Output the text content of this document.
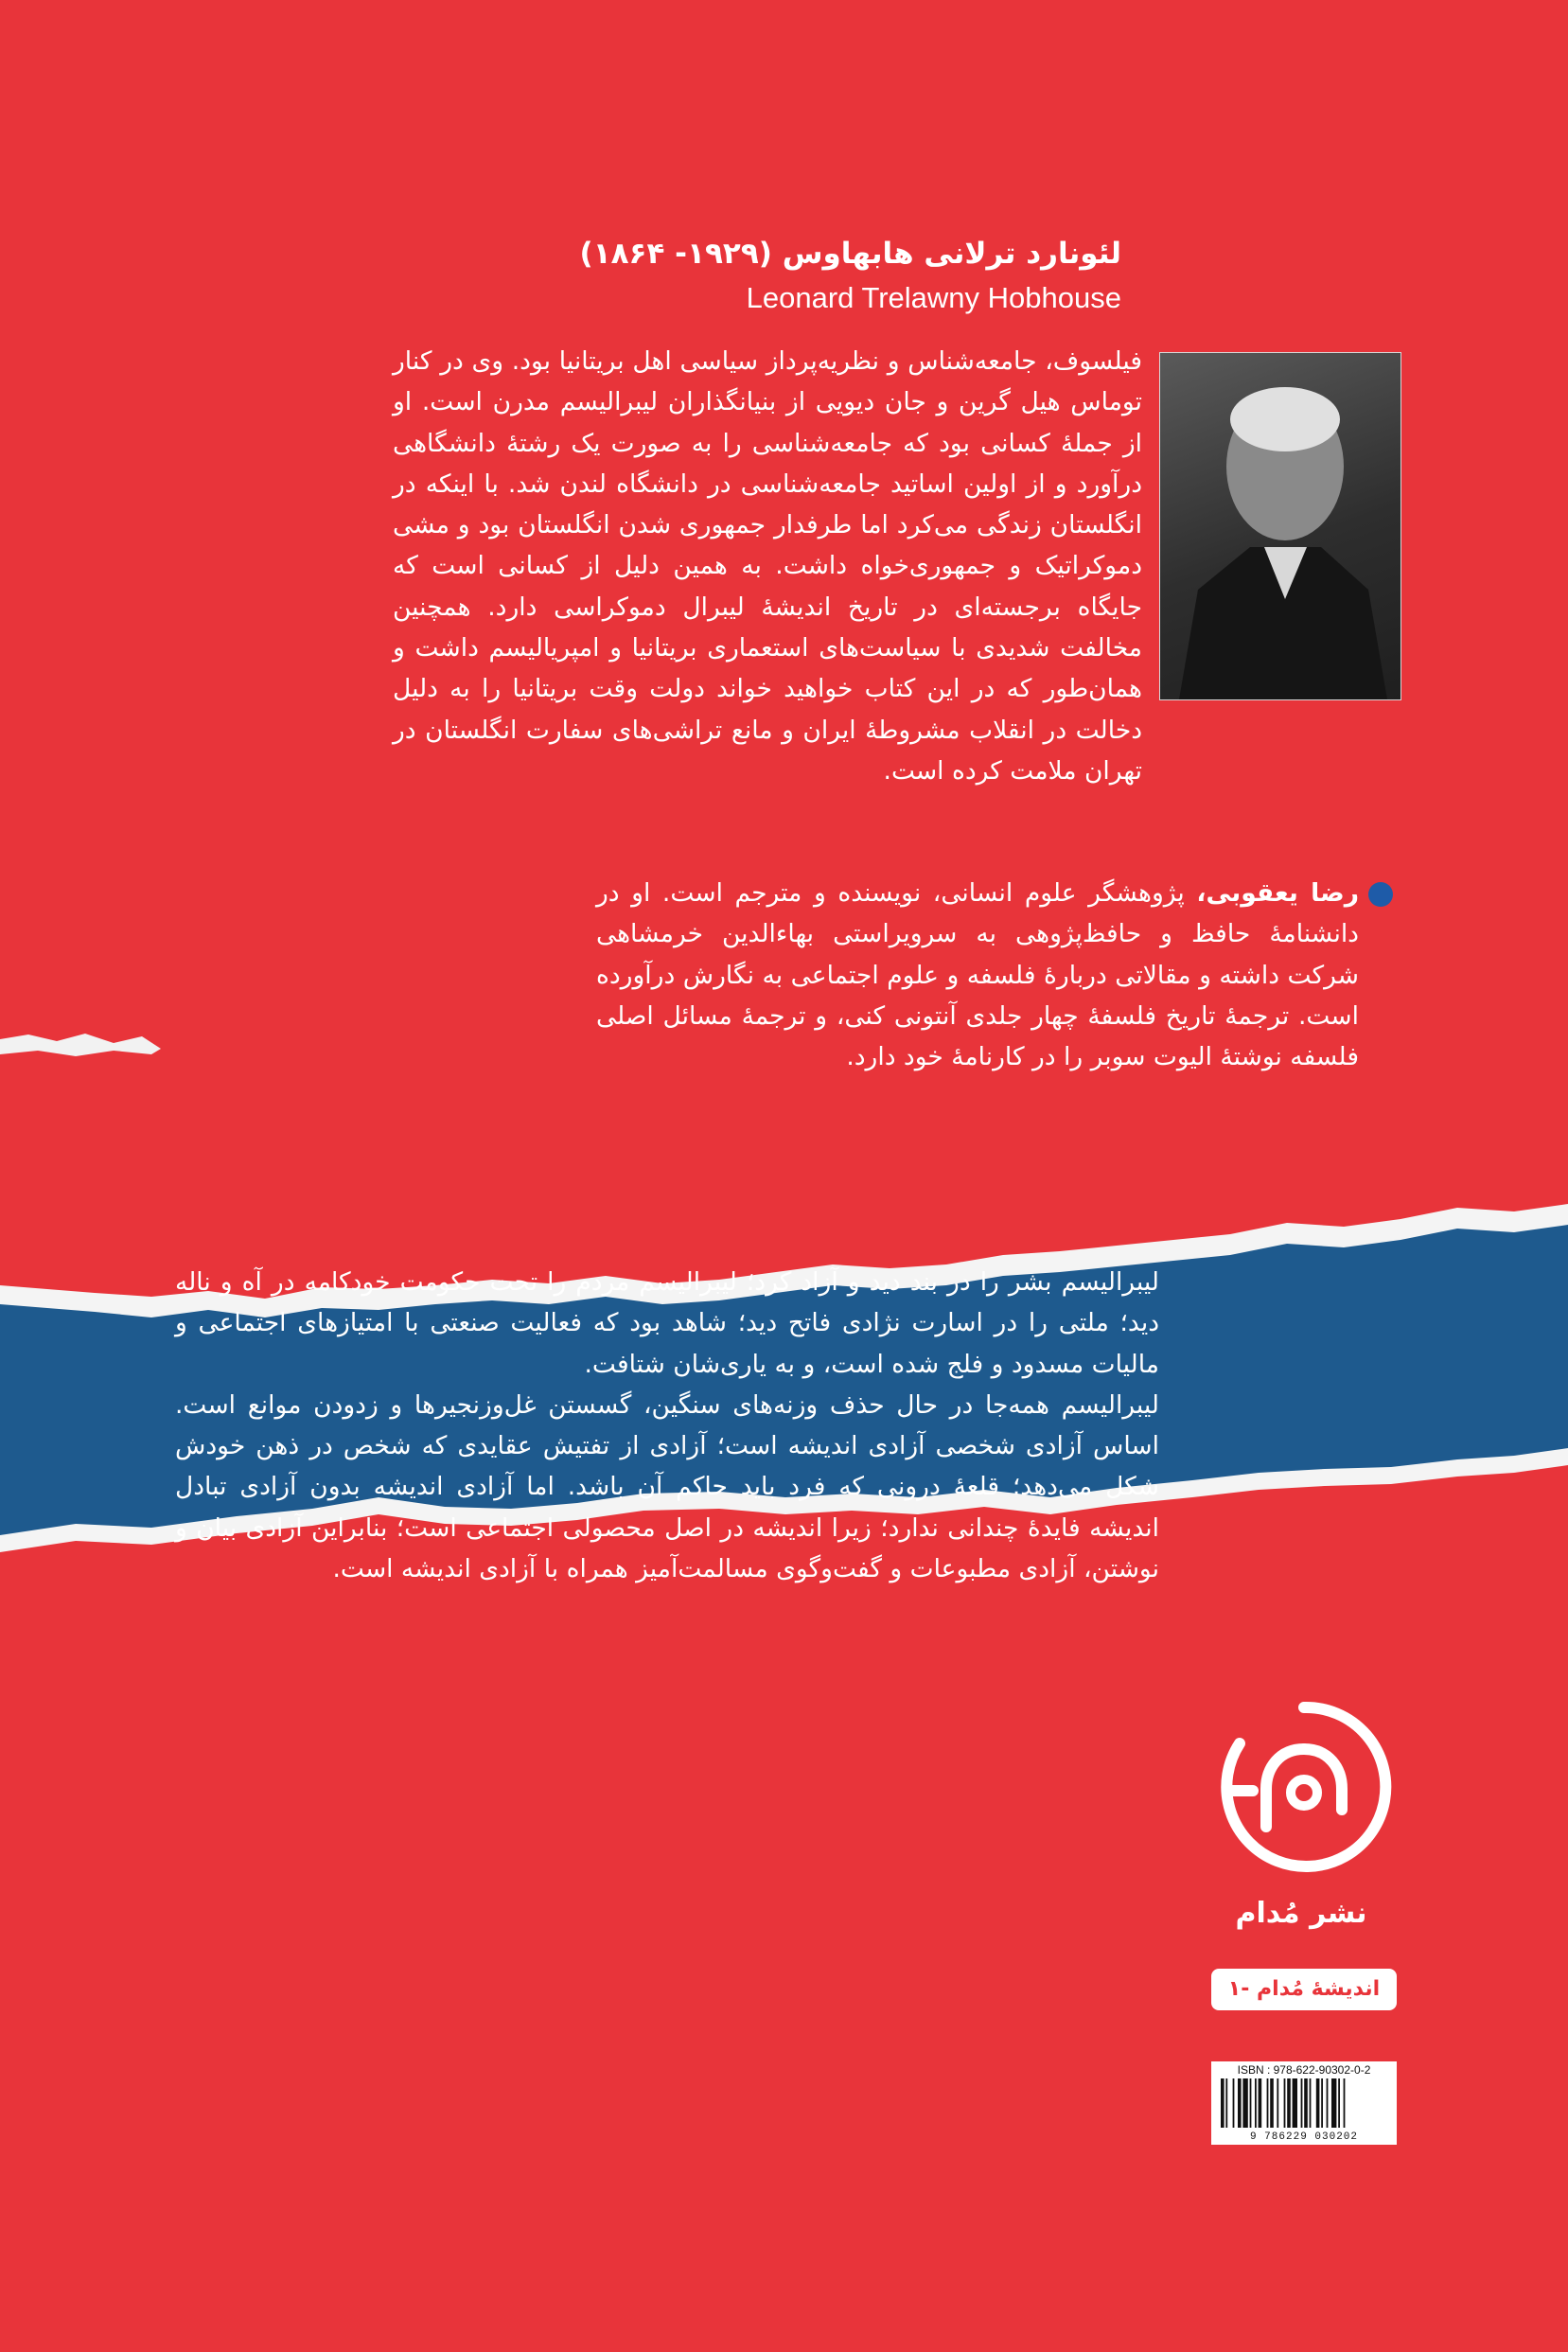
لئونارد ترلانی هابهاوس (۱۹۲۹- ۱۸۶۴)
Leonard Trelawny Hobhouse
فیلسوف، جامعه‌شناس و نظریه‌پرداز سیاسی اهل بریتانیا بود. وی در کنار توماس هیل گرین و جان دیویی از بنیانگذاران لیبرالیسم مدرن است. او از جملهٔ کسانی بود که جامعه‌شناسی را به صورت یک رشتهٔ دانشگاهی درآورد و از اولین اساتید جامعه‌شناسی در دانشگاه لندن شد. با اینکه در انگلستان زندگی می‌کرد اما طرفدار جمهوری شدن انگلستان بود و مشی دموکراتیک و جمهوری‌خواه داشت. به همین دلیل از کسانی است که جایگاه برجسته‌ای در تاریخ اندیشهٔ لیبرال دموکراسی دارد. همچنین مخالفت شدیدی با سیاست‌های استعماری بریتانیا و امپریالیسم داشت و همان‌طور که در این کتاب خواهید خواند دولت وقت بریتانیا را به دلیل دخالت در انقلاب مشروطهٔ ایران و مانع تراشی‌های سفارت انگلستان در تهران ملامت کرده است.
رضا یعقوبی، پژوهشگر علوم انسانی، نویسنده و مترجم است. او در دانشنامهٔ حافظ و حافظ‌پژوهی به سرویراستی بهاءالدین خرمشاهی شرکت داشته و مقالاتی دربارهٔ فلسفه و علوم اجتماعی به نگارش درآورده است. ترجمهٔ تاریخ فلسفهٔ چهار جلدی آنتونی کنی، و ترجمهٔ مسائل اصلی فلسفه نوشتهٔ الیوت سوبر را در کارنامهٔ خود دارد.

لیبرالیسم بشر را در بند دید و آزاد کرد؛ لیبرالیسم مردم را تحت حکومت خودکامه در آه و ناله دید؛ ملتی را در اسارت نژادی فاتح دید؛ شاهد بود که فعالیت صنعتی با امتیازهای اجتماعی و مالیات مسدود و فلج شده است، و به یاری‌شان شتافت.

لیبرالیسم همه‌جا در حال حذف وزنه‌های سنگین، گسستن غل‌وزنجیرها و زدودن موانع است. اساس آزادی شخصی آزادی اندیشه است؛ آزادی از تفتیش عقایدی که شخص در ذهن خودش شکل می‌دهد؛ قلعهٔ درونی که فرد باید حاکم آن باشد. اما آزادی اندیشه بدون آزادی تبادل اندیشه فایدهٔ چندانی ندارد؛ زیرا اندیشه در اصل محصولی اجتماعی است؛ بنابراین آزادی بیان و نوشتن، آزادی مطبوعات و گفت‌وگوی مسالمت‌آمیز همراه با آزادی اندیشه است.

نشر مُدام
اندیشهٔ مُدام -۱
ISBN : 978-622-90302-0-2
9 786229 030202
